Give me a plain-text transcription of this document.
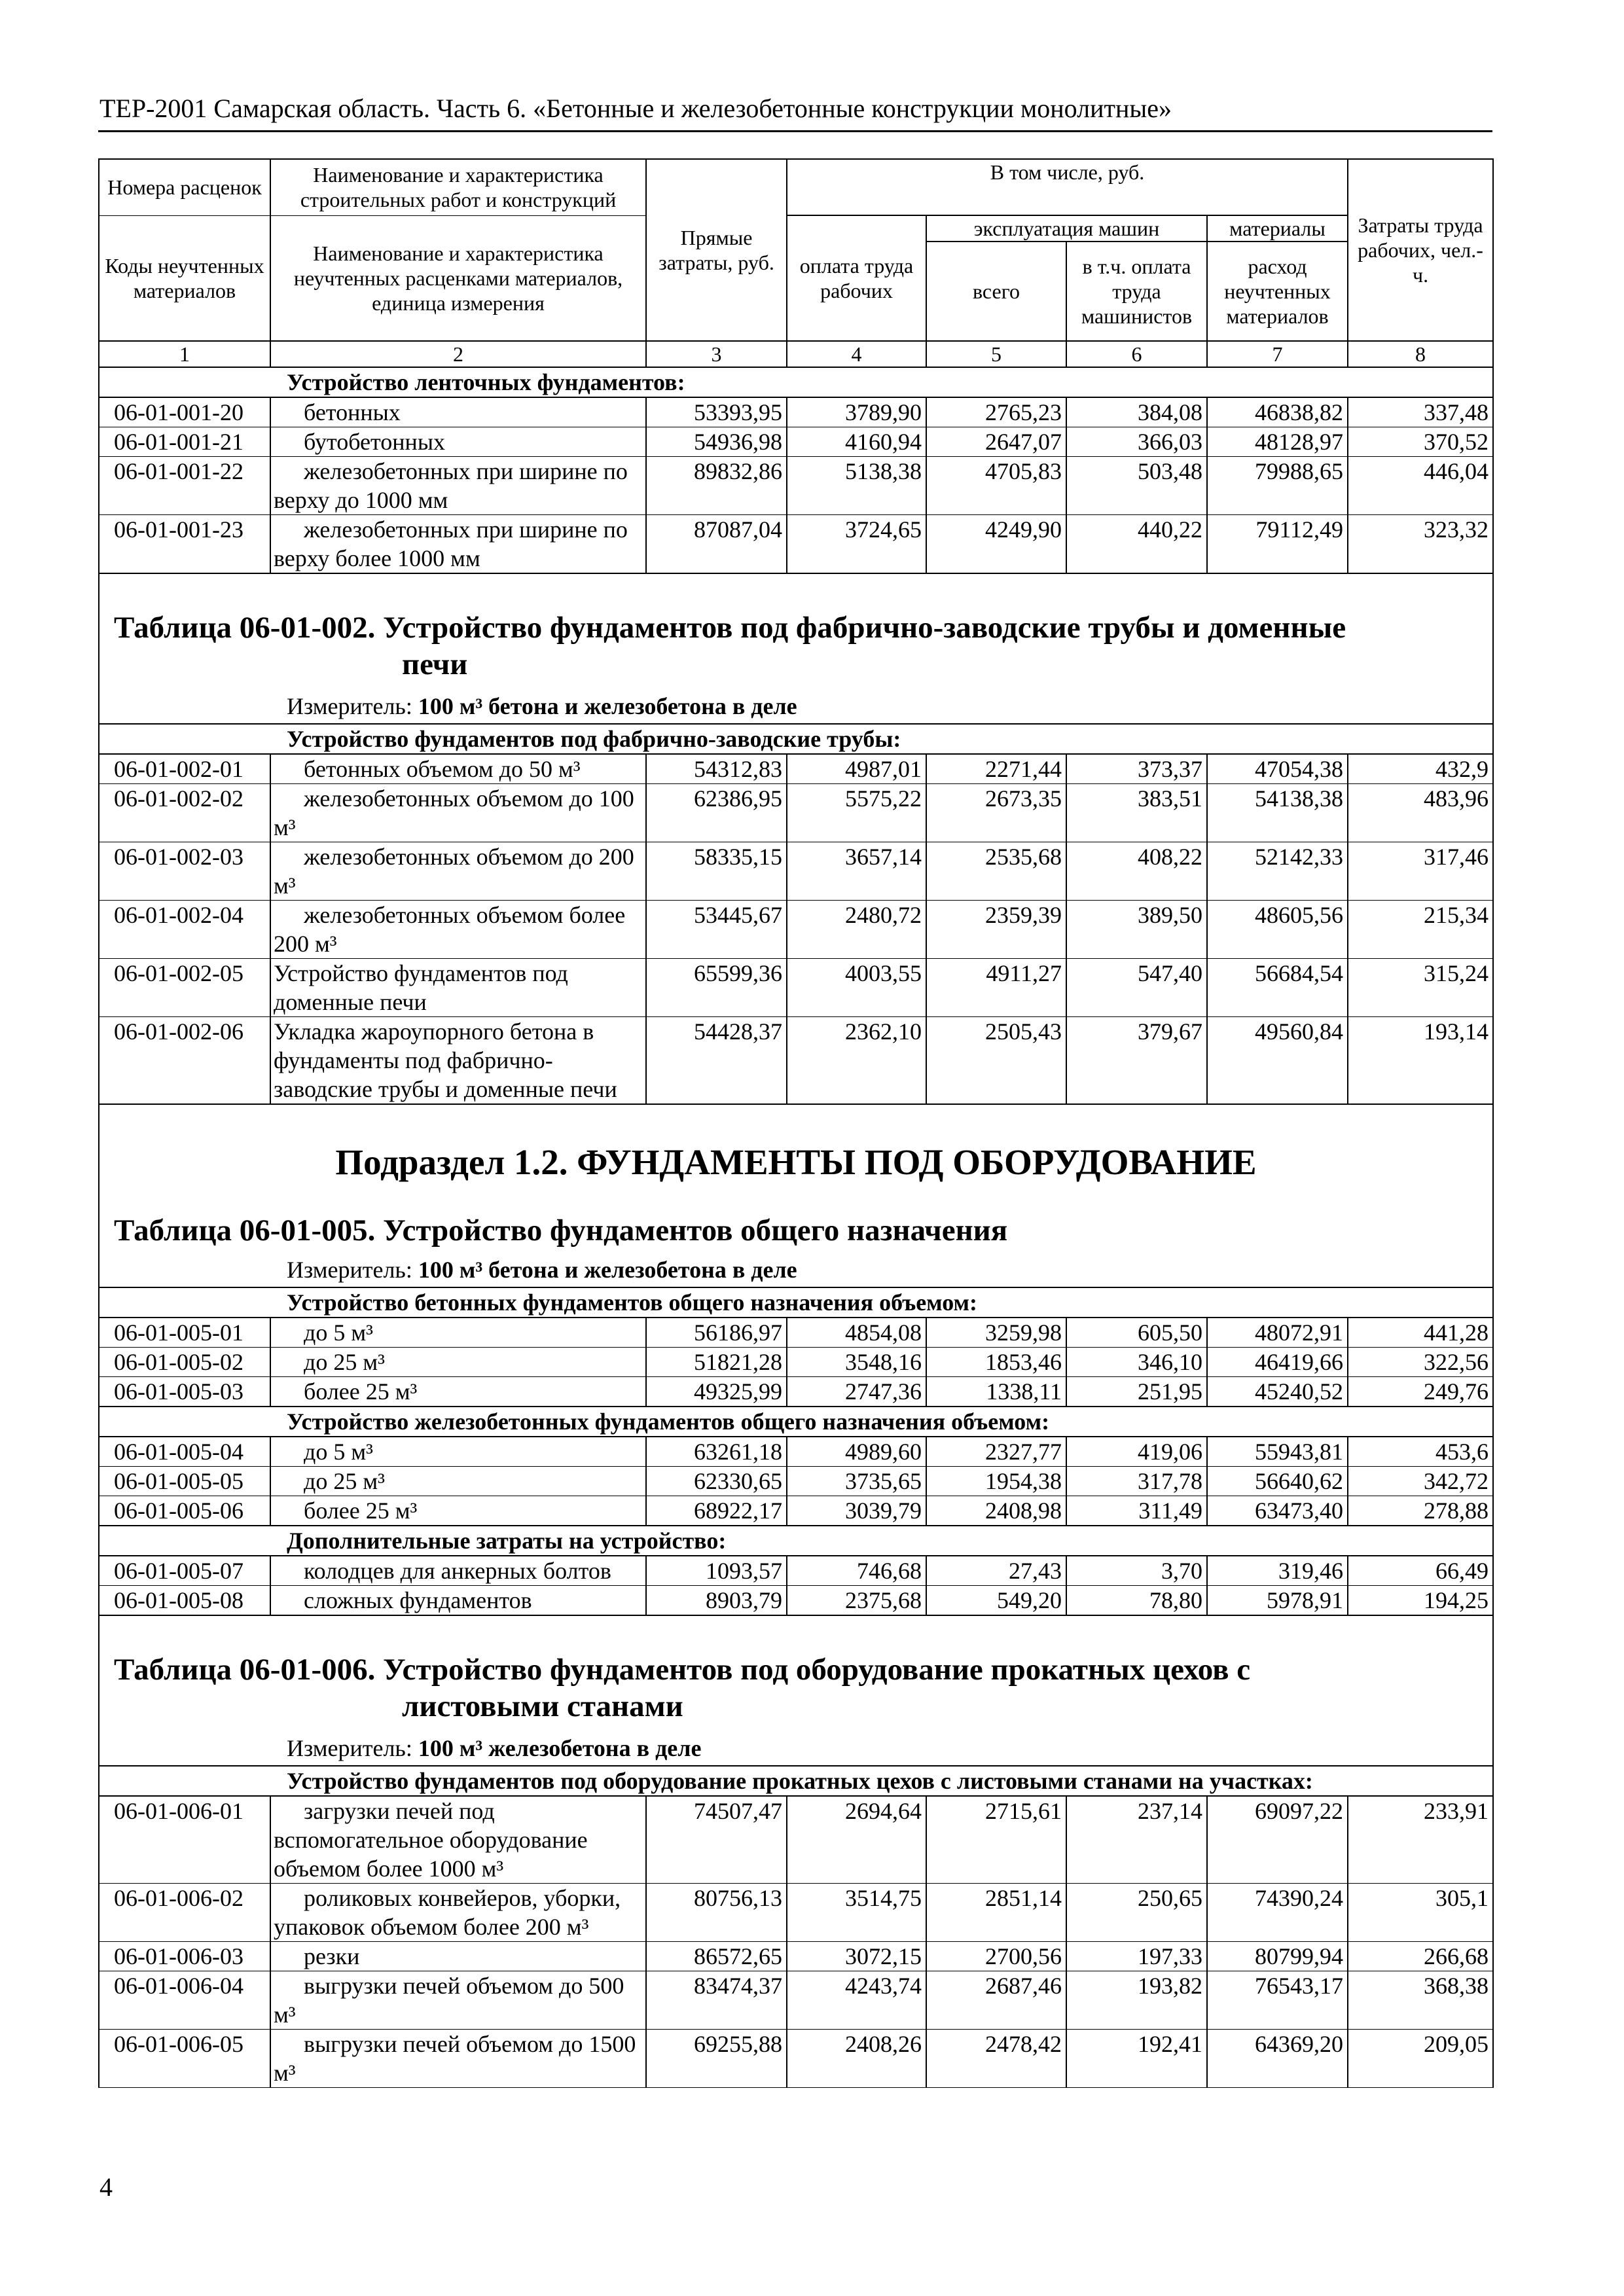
ТЕР-2001 Самарская область. Часть 6. «Бетонные и железобетонные конструкции монолитные»
Номера расценок	Наименование и характеристика строительных работ и конструкций	Прямые затраты, руб.	В том числе, руб.				Затраты труда рабочих, чел.-ч.
Коды неучтенных материалов	Наименование и характеристика неучтенных расценками материалов, единица измерения		оплата труда рабочих	эксплуатация машин		материалы	
				всего	в т.ч. оплата труда машинистов	расход неучтенных материалов	
1	2	3	4	5	6	7	8
Устройство ленточных фундаментов:							
06-01-001-20	бетонных	53393,95	3789,90	2765,23	384,08	46838,82	337,48
06-01-001-21	бутобетонных	54936,98	4160,94	2647,07	366,03	48128,97	370,52
06-01-001-22	железобетонных при ширине по верху до 1000 мм	89832,86	5138,38	4705,83	503,48	79988,65	446,04
06-01-001-23	железобетонных при ширине по верху более 1000 мм	87087,04	3724,65	4249,90	440,22	79112,49	323,32

Таблица 06-01-002. Устройство фундаментов под фабрично-заводские трубы и доменные
печи
Измеритель: 100 м³ бетона и железобетона в деле							

Устройство фундаментов под фабрично-заводские трубы:							
06-01-002-01	бетонных объемом до 50 м³	54312,83	4987,01	2271,44	373,37	47054,38	432,9
06-01-002-02	железобетонных объемом до 100 м³	62386,95	5575,22	2673,35	383,51	54138,38	483,96
06-01-002-03	железобетонных объемом до 200 м³	58335,15	3657,14	2535,68	408,22	52142,33	317,46
06-01-002-04	железобетонных объемом более 200 м³	53445,67	2480,72	2359,39	389,50	48605,56	215,34
06-01-002-05	Устройство фундаментов под доменные печи	65599,36	4003,55	4911,27	547,40	56684,54	315,24
06-01-002-06	Укладка жароупорного бетона в фундаменты под фабрично-заводские трубы и доменные печи	54428,37	2362,10	2505,43	379,67	49560,84	193,14

Подраздел 1.2. ФУНДАМЕНТЫ ПОД ОБОРУДОВАНИЕ
Таблица 06-01-005. Устройство фундаментов общего назначения
Измеритель: 100 м³ бетона и железобетона в деле							

Устройство бетонных фундаментов общего назначения объемом:							
06-01-005-01	до 5 м³	56186,97	4854,08	3259,98	605,50	48072,91	441,28
06-01-005-02	до 25 м³	51821,28	3548,16	1853,46	346,10	46419,66	322,56
06-01-005-03	более 25 м³	49325,99	2747,36	1338,11	251,95	45240,52	249,76
Устройство железобетонных фундаментов общего назначения объемом:							
06-01-005-04	до 5 м³	63261,18	4989,60	2327,77	419,06	55943,81	453,6
06-01-005-05	до 25 м³	62330,65	3735,65	1954,38	317,78	56640,62	342,72
06-01-005-06	более 25 м³	68922,17	3039,79	2408,98	311,49	63473,40	278,88
Дополнительные затраты на устройство:							
06-01-005-07	колодцев для анкерных болтов	1093,57	746,68	27,43	3,70	319,46	66,49
06-01-005-08	сложных фундаментов	8903,79	2375,68	549,20	78,80	5978,91	194,25

Таблица 06-01-006. Устройство фундаментов под оборудование прокатных цехов с
листовыми станами
Измеритель: 100 м³ железобетона в деле							

Устройство фундаментов под оборудование прокатных цехов с листовыми станами на участках:							
06-01-006-01	загрузки печей под вспомогательное оборудование объемом более 1000 м³	74507,47	2694,64	2715,61	237,14	69097,22	233,91
06-01-006-02	роликовых конвейеров, уборки, упаковок объемом более 200 м³	80756,13	3514,75	2851,14	250,65	74390,24	305,1
06-01-006-03	резки	86572,65	3072,15	2700,56	197,33	80799,94	266,68
06-01-006-04	выгрузки печей объемом до 500 м³	83474,37	4243,74	2687,46	193,82	76543,17	368,38
06-01-006-05	выгрузки печей объемом до 1500 м³	69255,88	2408,26	2478,42	192,41	64369,20	209,05
4
